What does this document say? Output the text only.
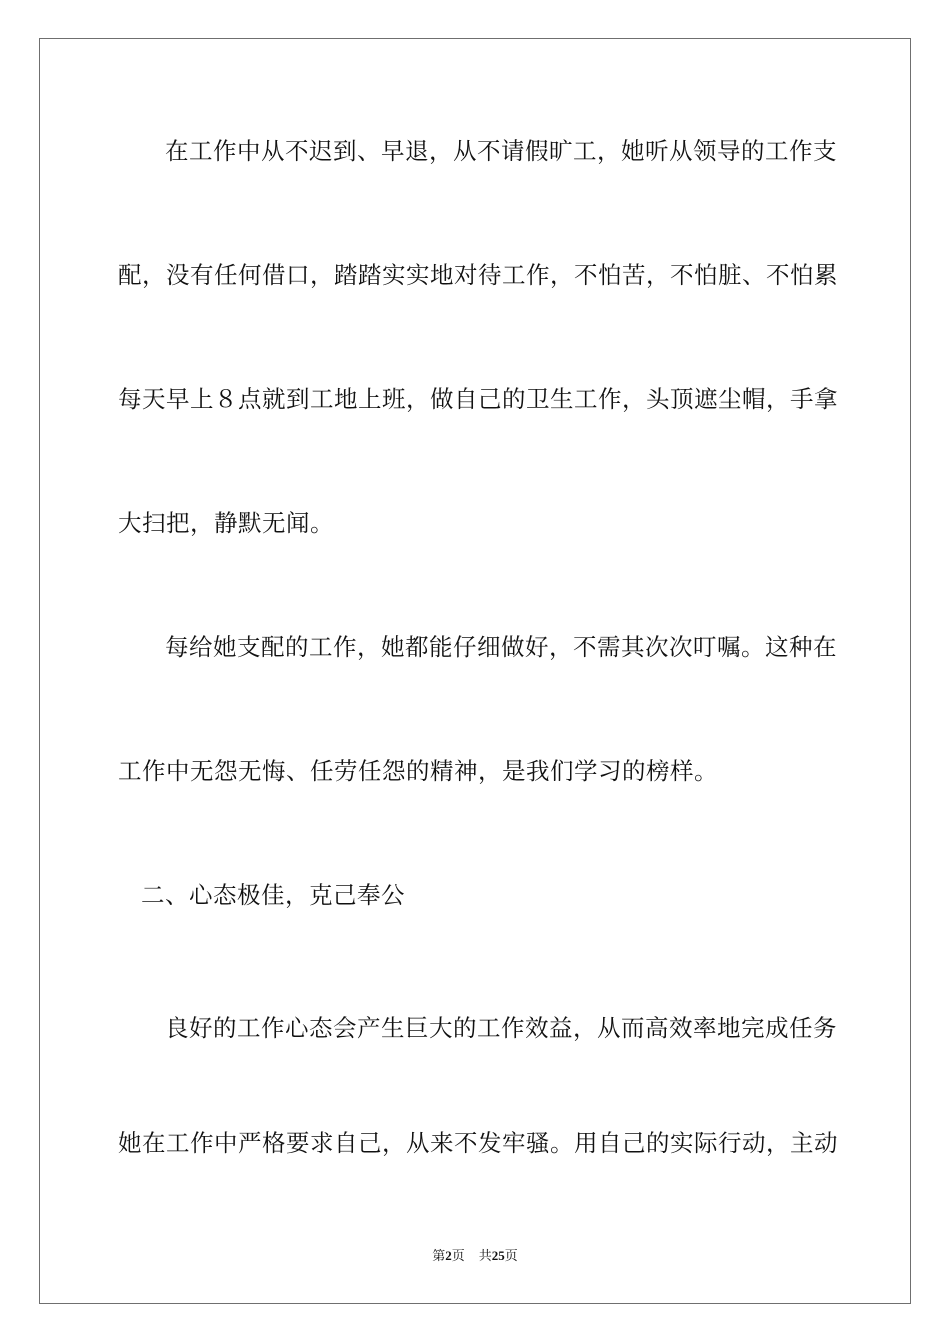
在工作中从不迟到、早退，从不请假旷工，她听从领导的工作支
配，没有任何借口，踏踏实实地对待工作，不怕苦，不怕脏、不怕累
每天早上８点就到工地上班，做自己的卫生工作，头顶遮尘帽，手拿
大扫把，静默无闻。
每给她支配的工作，她都能仔细做好，不需其次次叮嘱。这种在
工作中无怨无悔、任劳任怨的精神，是我们学习的榜样。
二、心态极佳，克己奉公
良好的工作心态会产生巨大的工作效益，从而高效率地完成任务
她在工作中严格要求自己，从来不发牢骚。用自己的实际行动，主动
第2页 共25页
